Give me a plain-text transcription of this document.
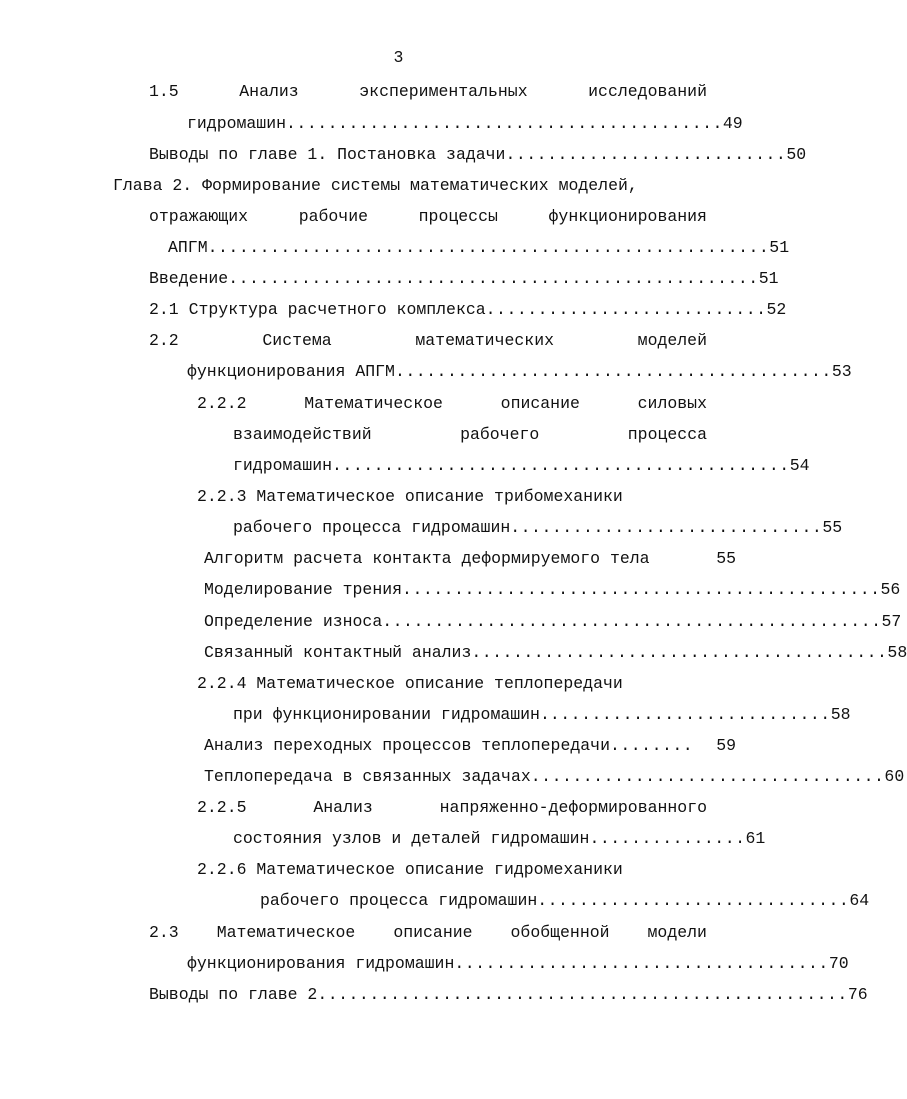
3
1.5	Анализ	экспериментальных	исследований
гидромашин .......................................... 49
Выводы по главе 1. Постановка задачи ........................... 50
Глава 2. Формирование системы математических моделей,
отражающих	рабочие	процессы	функционирования
АПГМ ...................................................... 51
Введение ................................................... 51
2.1 Структура расчетного комплекса ........................... 52
2.2	Система	математических	моделей
функционирования АПГМ .......................................... 53
2.2.2	Математическое	описание	силовых
взаимодействий	рабочего	процесса
гидромашин ............................................ 54
2.2.3 Математическое описание трибомеханики
рабочего процесса гидромашин .............................. 55
Алгоритм расчета контакта деформируемого тела	55
Моделирование трения .............................................. 56
Определение износа ................................................ 57
Связанный контактный анализ ........................................ 58
2.2.4 Математическое описание теплопередачи
при функционировании гидромашин. ........................... 58
Анализ переходных процессов теплопередачи ........	59
Теплопередача в связанных задачах .................................. 60
2.2.5	Анализ	напряженно-деформированного
состояния узлов и деталей гидромашин ............... 61
2.2.6 Математическое описание гидромеханики
рабочего процесса гидромашин .............................. 64
2.3 Математическое описание обобщенной модели
функционирования гидромашин .................................... 70
Выводы по главе 2 ................................................... 76
